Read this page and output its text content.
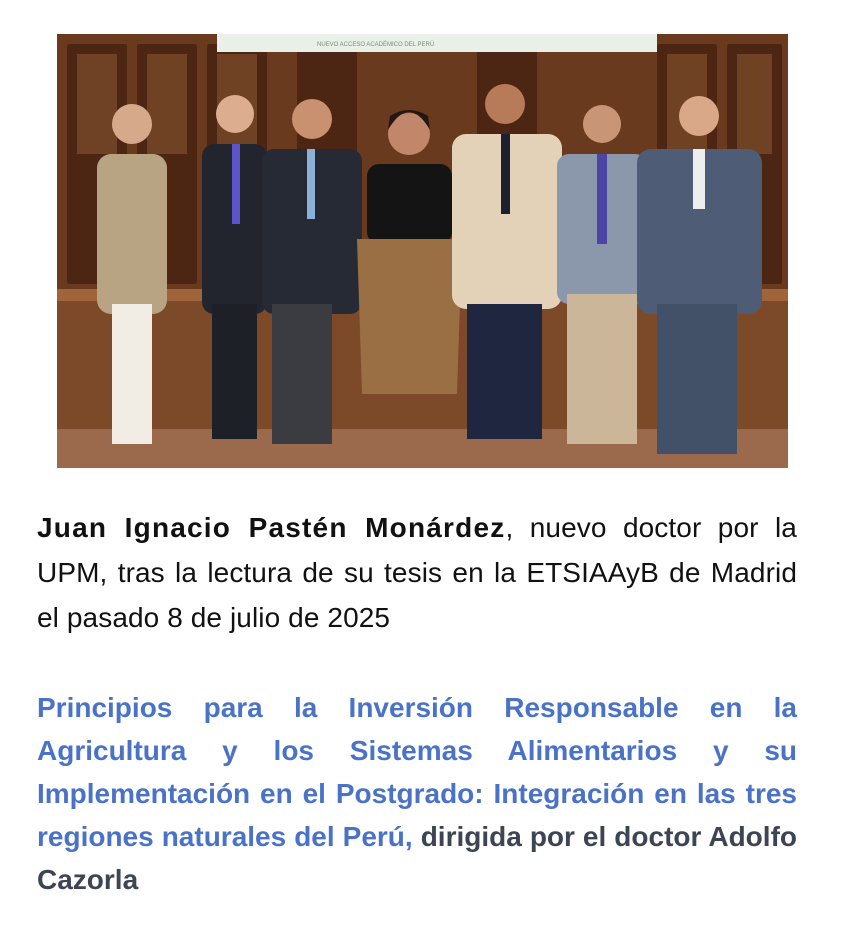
NUEVO ACCESO ACADÉMICO DEL PERÚ
Juan Ignacio Pastén Monárdez, nuevo doctor por la UPM, tras la lectura de su tesis en la ETSIAAyB de Madrid el pasado 8 de julio de 2025
Principios para la Inversión Responsable en la Agricultura y los Sistemas Alimentarios y su Implementación en el Postgrado: Integración en las tres regiones naturales del Perú, dirigida por el doctor Adolfo Cazorla
